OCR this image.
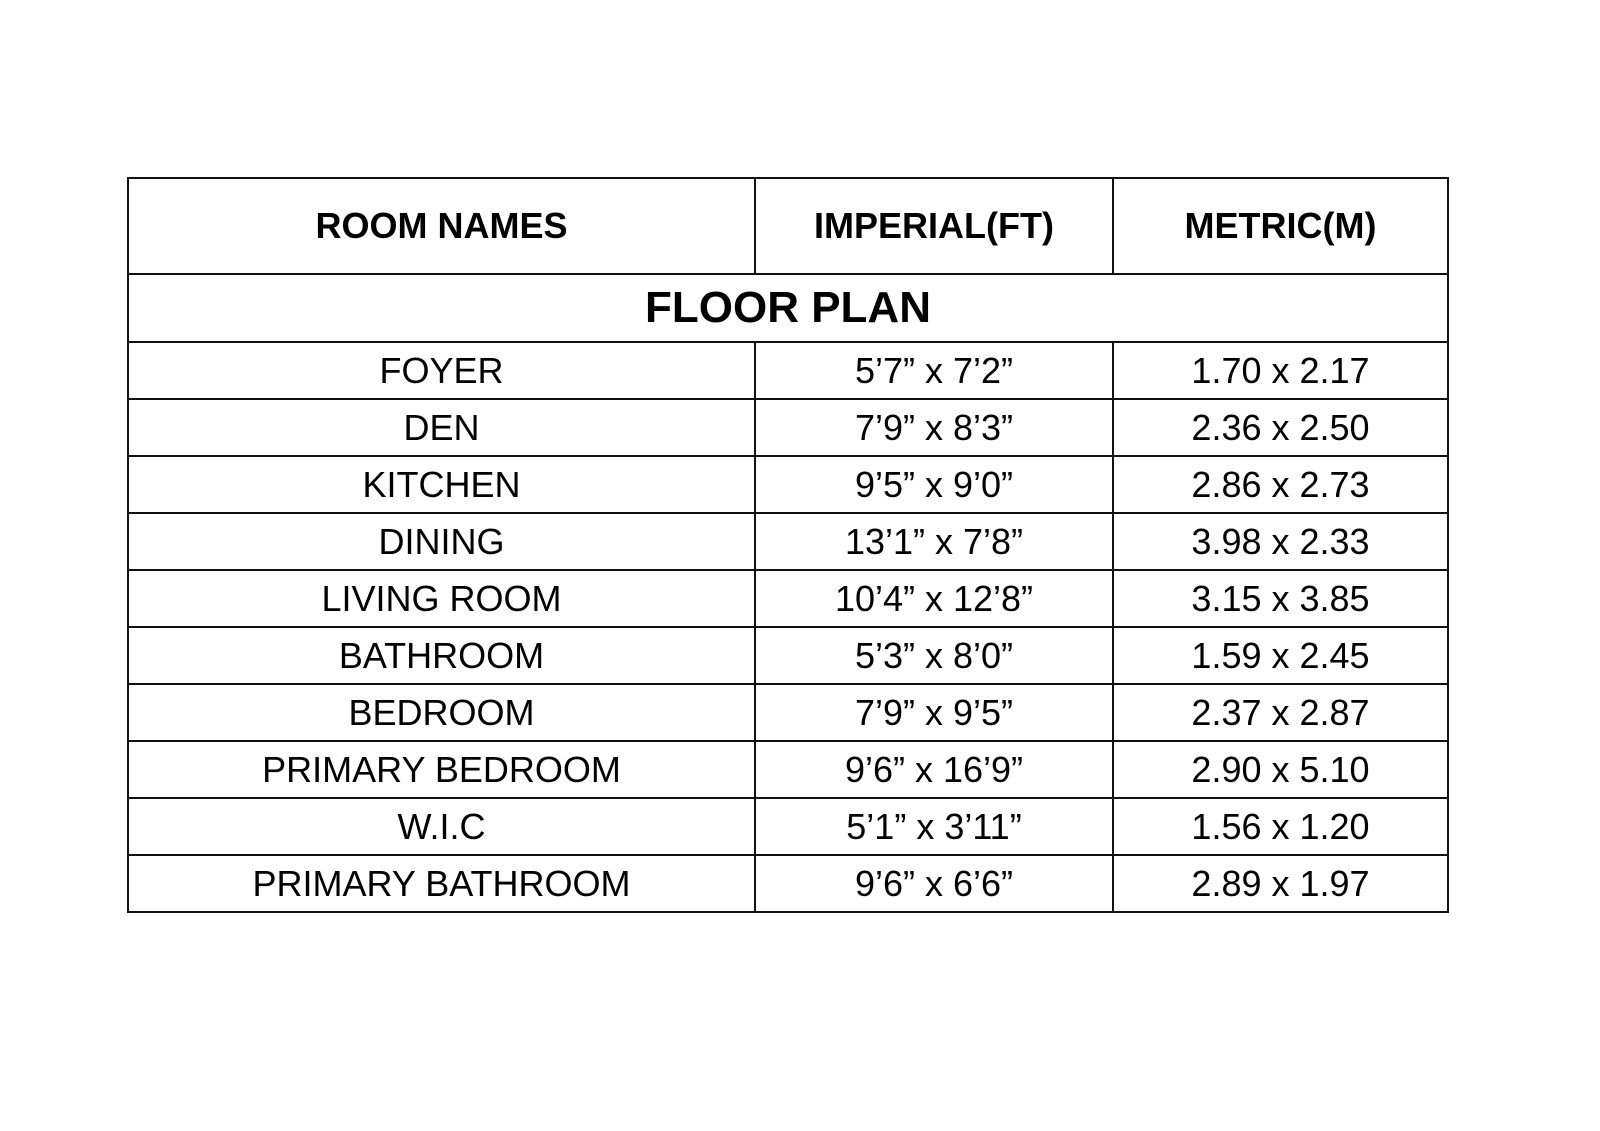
ROOM NAMES	IMPERIAL(FT)	METRIC(M)
FLOOR PLAN		
FOYER	5’7” x 7’2”	1.70 x 2.17
DEN	7’9” x 8’3”	2.36 x 2.50
KITCHEN	9’5” x 9’0”	2.86 x 2.73
DINING	13’1” x 7’8”	3.98 x 2.33
LIVING ROOM	10’4” x 12’8”	3.15 x 3.85
BATHROOM	5’3” x 8’0”	1.59 x 2.45
BEDROOM	7’9” x 9’5”	2.37 x 2.87
PRIMARY BEDROOM	9’6” x 16’9”	2.90 x 5.10
W.I.C	5’1” x 3’11”	1.56 x 1.20
PRIMARY BATHROOM	9’6” x 6’6”	2.89 x 1.97
